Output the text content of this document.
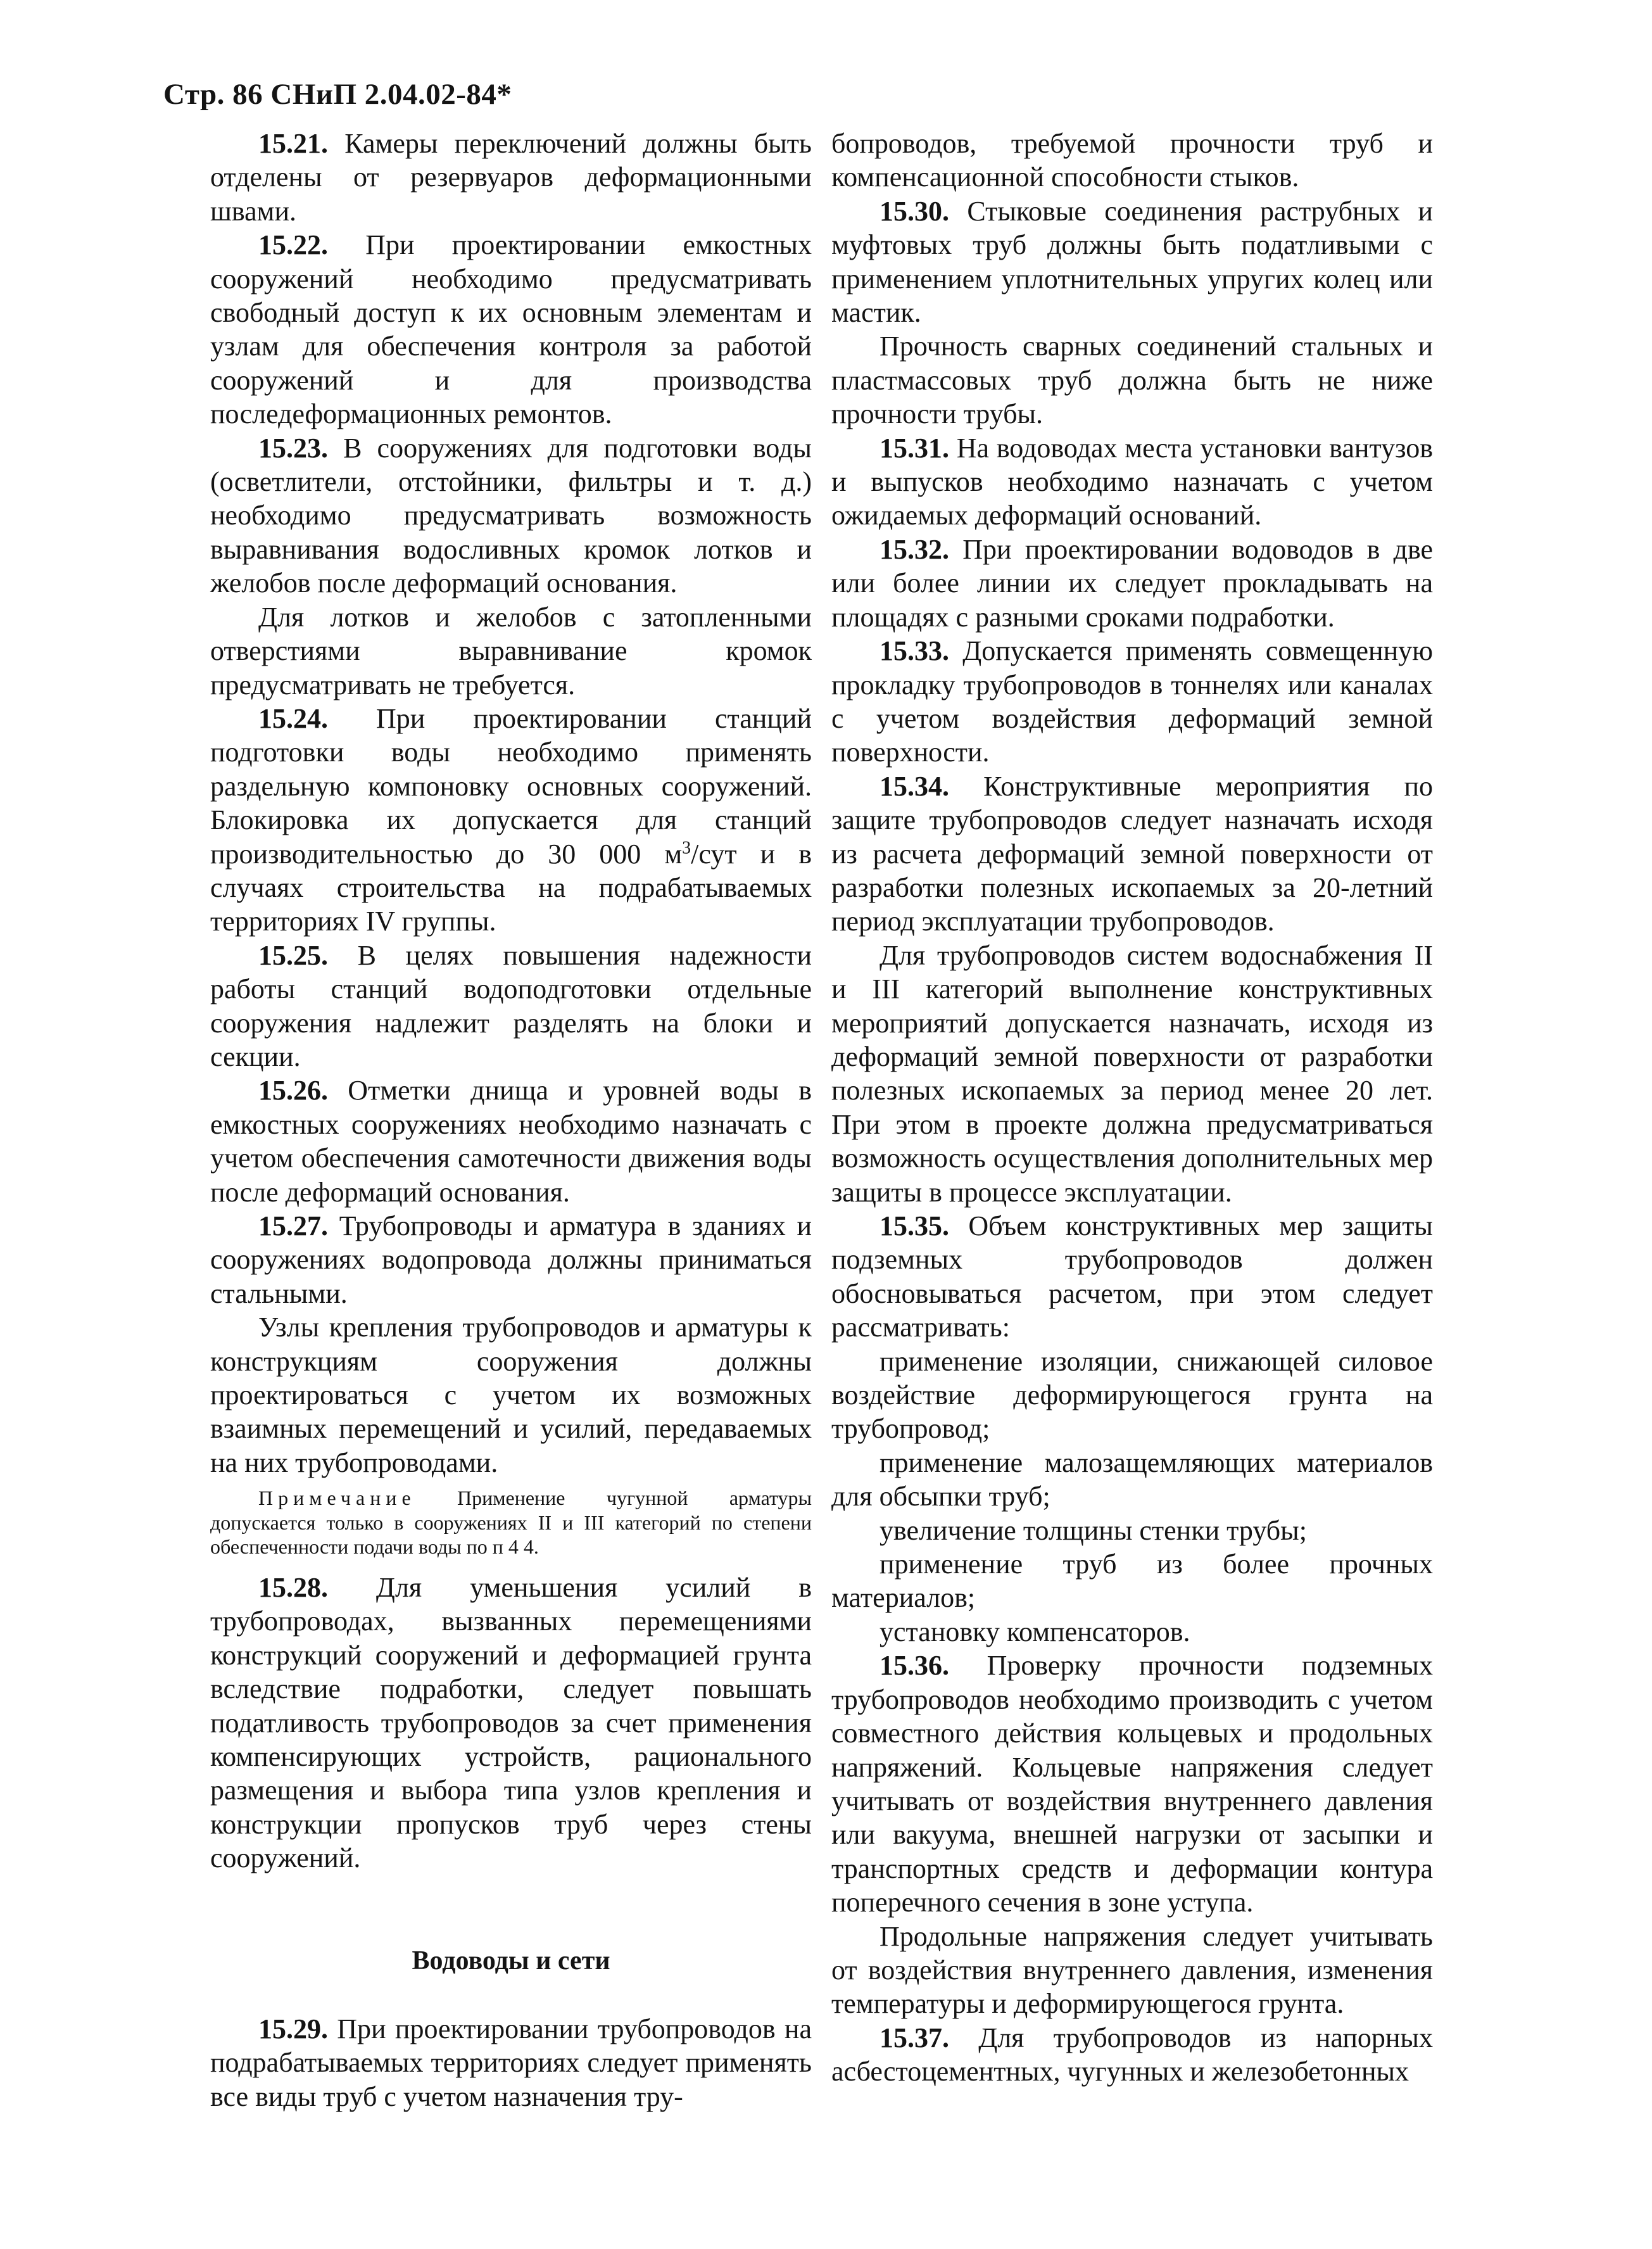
Стр. 86 СНиП 2.04.02-84*

15.21. Камеры переключений должны быть отделены от резервуаров деформационными швами.

15.22. При проектировании емкостных сооружений необходимо предусматривать свободный доступ к их основным элементам и узлам для обеспечения контроля за работой сооружений и для производства последеформационных ремонтов.

15.23. В сооружениях для подготовки воды (осветлители, отстойники, фильтры и т. д.) необходимо предусматривать возможность выравнивания водосливных кромок лотков и желобов после деформаций основания.

Для лотков и желобов с затопленными отверстиями выравнивание кромок предусматривать не требуется.

15.24. При проектировании станций подготовки воды необходимо применять раздельную компоновку основных сооружений. Блокировка их допускается для станций производительностью до 30 000 $м^3$/сут и в случаях строительства на подрабатываемых территориях IV группы.

15.25. В целях повышения надежности работы станций водоподготовки отдельные сооружения надлежит разделять на блоки и секции.

15.26. Отметки днища и уровней воды в емкостных сооружениях необходимо назначать с учетом обеспечения самотечности движения воды после деформаций основания.

15.27. Трубопроводы и арматура в зданиях и сооружениях водопровода должны приниматься стальными.

Узлы крепления трубопроводов и арматуры к конструкциям сооружения должны проектироваться с учетом их возможных взаимных перемещений и усилий, передаваемых на них трубопроводами.

Примечание Применение чугунной арматуры допускается только в сооружениях II и III категорий по степени обеспеченности подачи воды по п 4 4.

15.28. Для уменьшения усилий в трубопроводах, вызванных перемещениями конструкций сооружений и деформацией грунта вследствие подработки, следует повышать податливость трубопроводов за счет применения компенсирующих устройств, рационального размещения и выбора типа узлов крепления и конструкции пропусков труб через стены сооружений.

Водоводы и сети

15.29. При проектировании трубопроводов на подрабатываемых территориях следует применять все виды труб с учетом назначения тру-

бопроводов, требуемой прочности труб и компенсационной способности стыков.

15.30. Стыковые соединения раструбных и муфтовых труб должны быть податливыми с применением уплотнительных упругих колец или мастик.

Прочность сварных соединений стальных и пластмассовых труб должна быть не ниже прочности трубы.

15.31. На водоводах места установки вантузов и выпусков необходимо назначать с учетом ожидаемых деформаций оснований.

15.32. При проектировании водоводов в две или более линии их следует прокладывать на площадях с разными сроками подработки.

15.33. Допускается применять совмещенную прокладку трубопроводов в тоннелях или каналах с учетом воздействия деформаций земной поверхности.

15.34. Конструктивные мероприятия по защите трубопроводов следует назначать исходя из расчета деформаций земной поверхности от разработки полезных ископаемых за 20-летний период эксплуатации трубопроводов.

Для трубопроводов систем водоснабжения II и III категорий выполнение конструктивных мероприятий допускается назначать, исходя из деформаций земной поверхности от разработки полезных ископаемых за период менее 20 лет. При этом в проекте должна предусматриваться возможность осуществления дополнительных мер защиты в процессе эксплуатации.

15.35. Объем конструктивных мер защиты подземных трубопроводов должен обосновываться расчетом, при этом следует рассматривать:

применение изоляции, снижающей силовое воздействие деформирующегося грунта на трубопровод;

применение малозащемляющих материалов для обсыпки труб;

увеличение толщины стенки трубы;

применение труб из более прочных материалов;

установку компенсаторов.

15.36. Проверку прочности подземных трубопроводов необходимо производить с учетом совместного действия кольцевых и продольных напряжений. Кольцевые напряжения следует учитывать от воздействия внутреннего давления или вакуума, внешней нагрузки от засыпки и транспортных средств и деформации контура поперечного сечения в зоне уступа.

Продольные напряжения следует учитывать от воздействия внутреннего давления, изменения температуры и деформирующегося грунта.

15.37. Для трубопроводов из напорных асбестоцементных, чугунных и железобетонных
